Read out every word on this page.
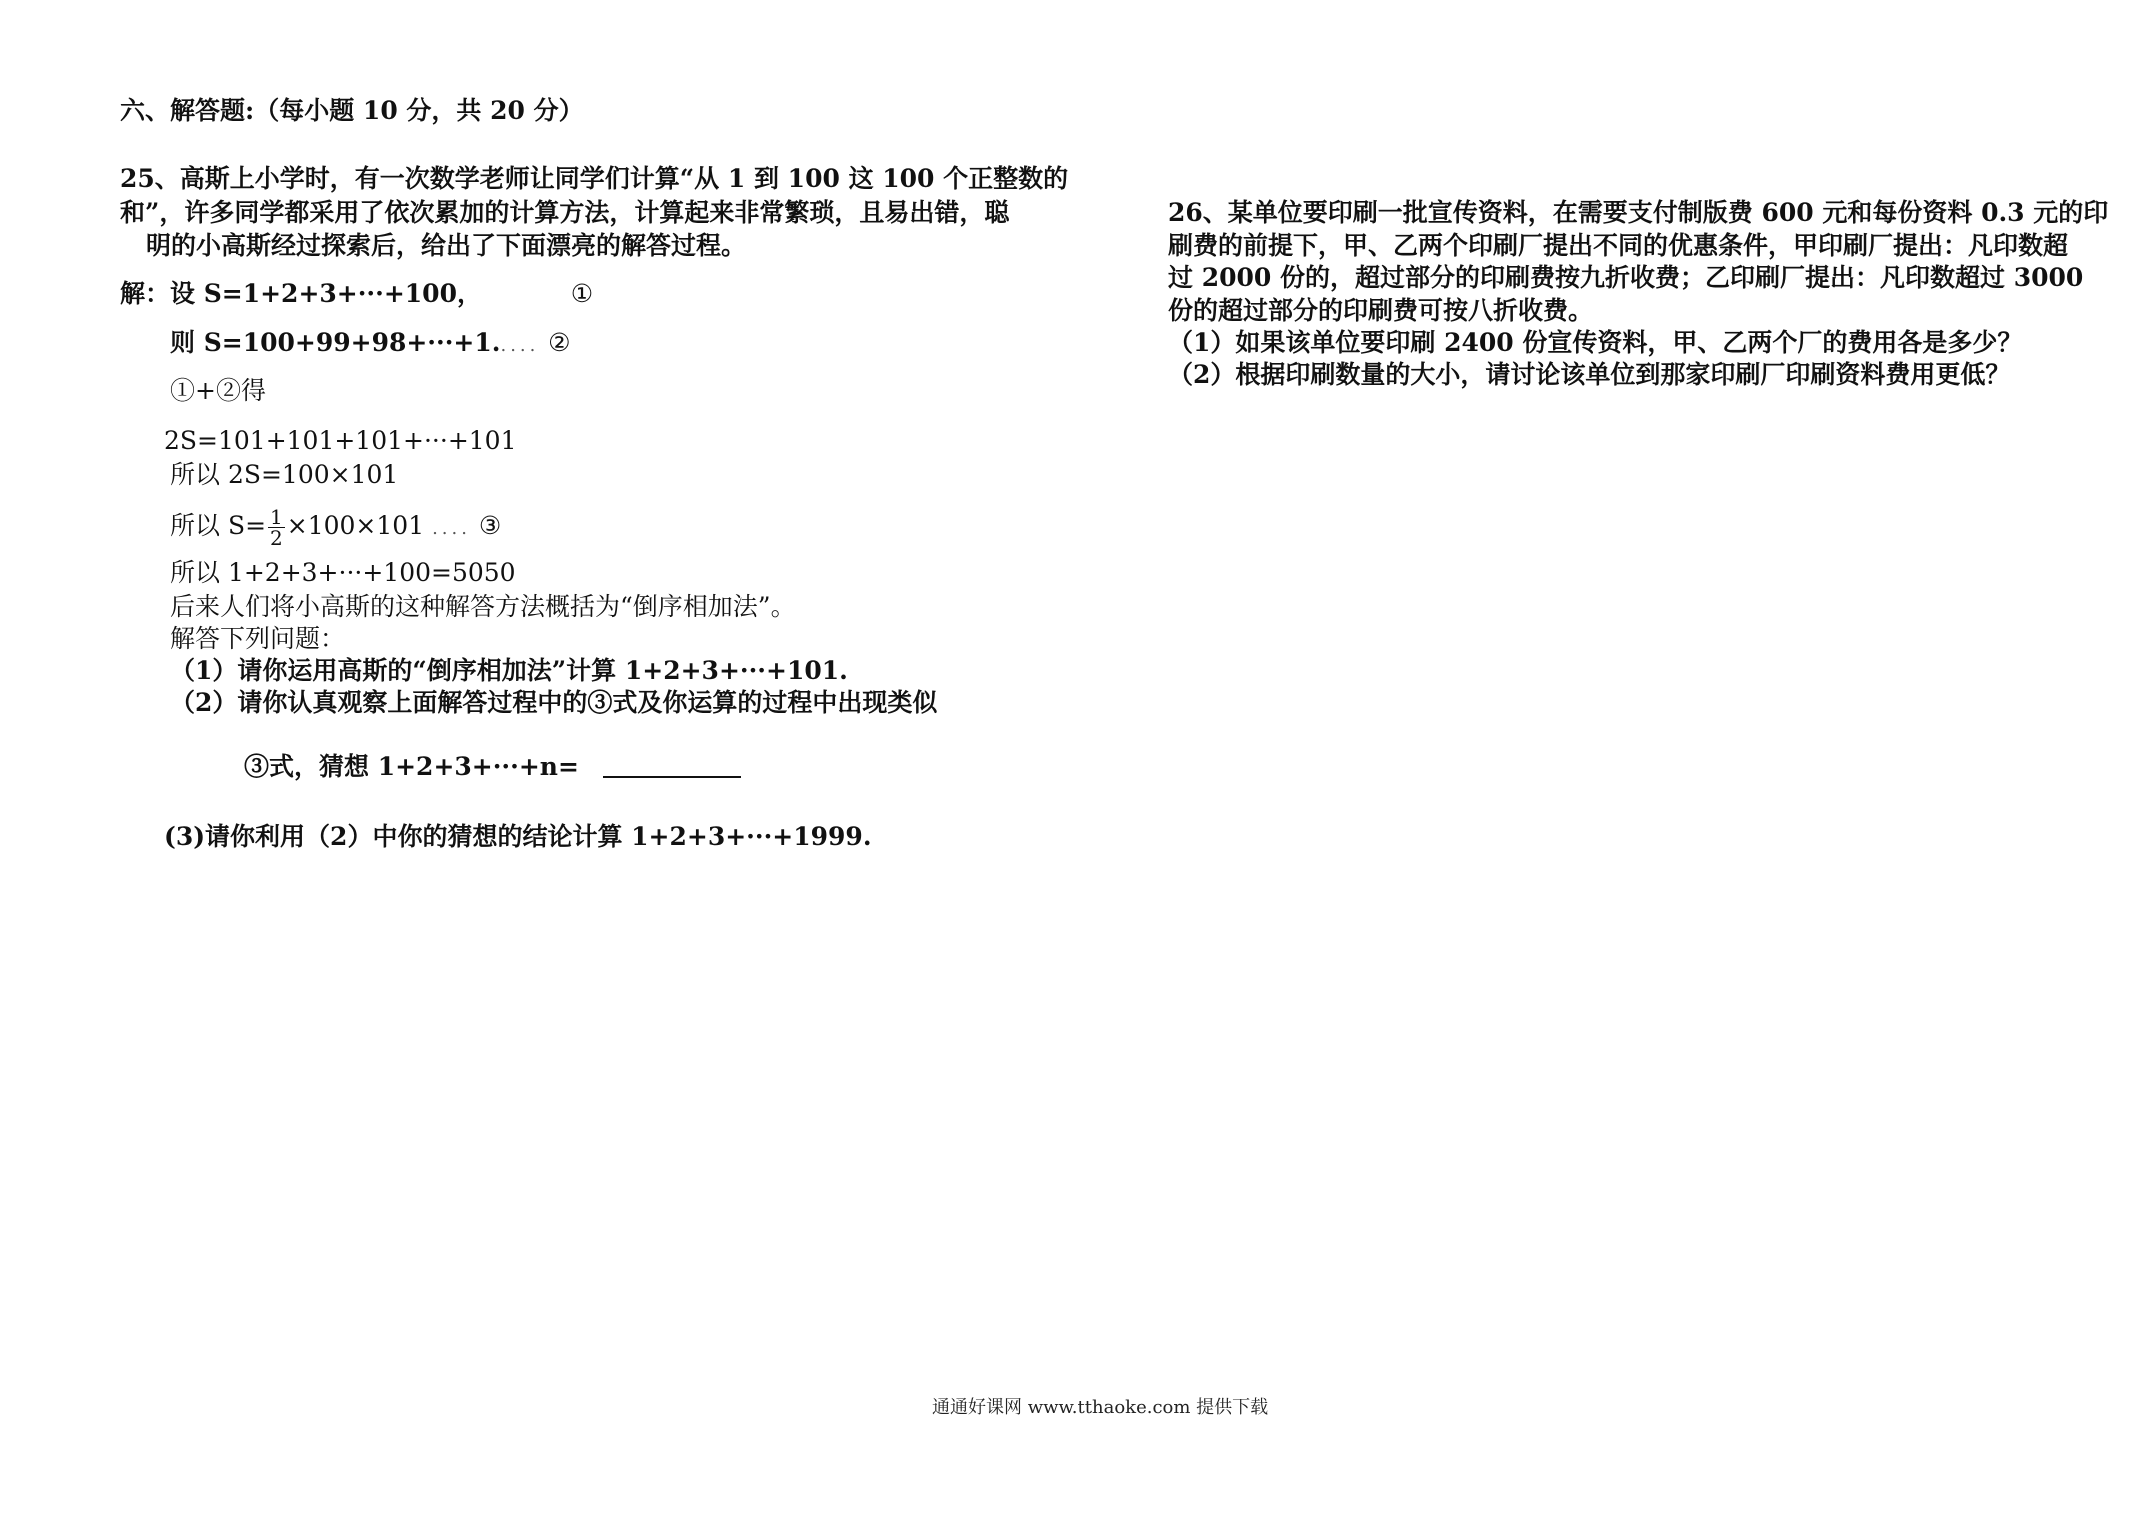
六、解答题:（每小题 10 分，共 20 分）
25、高斯上小学时，有一次数学老师让同学们计算“从 1 到 100 这 100 个正整数的
和”，许多同学都采用了依次累加的计算方法，计算起来非常繁琐，且易出错，聪
明的小高斯经过探索后，给出了下面漂亮的解答过程。
解：设 S=1+2+3+···+100，	①
则 S=100+99+98+···+1..... ②
①+②得
2S=101+101+101+···+101
所以 2S=100×101
所以 $S= \frac{1}{2} \times 100\times 101$ .... ③
所以 1+2+3+···+100=5050
后来人们将小高斯的这种解答方法概括为“倒序相加法”。
解答下列问题：
（1）请你运用高斯的“倒序相加法”计算 1+2+3+···+101.
（2）请你认真观察上面解答过程中的③式及你运算的过程中出现类似
③式，猜想 1+2+3+···+n=
(3)请你利用（2）中你的猜想的结论计算 1+2+3+···+1999.
26、某单位要印刷一批宣传资料，在需要支付制版费 600 元和每份资料 0.3 元的印
刷费的前提下，甲、乙两个印刷厂提出不同的优惠条件，甲印刷厂提出：凡印数超
过 2000 份的，超过部分的印刷费按九折收费；乙印刷厂提出：凡印数超过 3000
份的超过部分的印刷费可按八折收费。
（1）如果该单位要印刷 2400 份宣传资料，甲、乙两个厂的费用各是多少？
（2）根据印刷数量的大小，请讨论该单位到那家印刷厂印刷资料费用更低？
通通好课网 www.tthaoke.com 提供下载
